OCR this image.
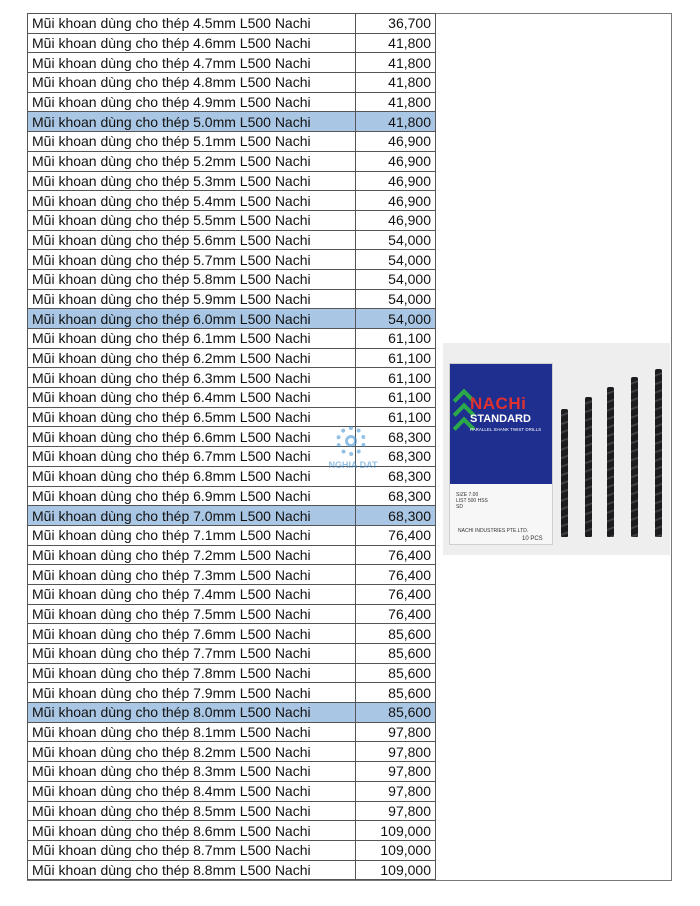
Mũi khoan dùng cho thép 4.5mm L500 Nachi	36,700
Mũi khoan dùng cho thép 4.6mm L500 Nachi	41,800
Mũi khoan dùng cho thép 4.7mm L500 Nachi	41,800
Mũi khoan dùng cho thép 4.8mm L500 Nachi	41,800
Mũi khoan dùng cho thép 4.9mm L500 Nachi	41,800
Mũi khoan dùng cho thép 5.0mm L500 Nachi	41,800
Mũi khoan dùng cho thép 5.1mm L500 Nachi	46,900
Mũi khoan dùng cho thép 5.2mm L500 Nachi	46,900
Mũi khoan dùng cho thép 5.3mm L500 Nachi	46,900
Mũi khoan dùng cho thép 5.4mm L500 Nachi	46,900
Mũi khoan dùng cho thép 5.5mm L500 Nachi	46,900
Mũi khoan dùng cho thép 5.6mm L500 Nachi	54,000
Mũi khoan dùng cho thép 5.7mm L500 Nachi	54,000
Mũi khoan dùng cho thép 5.8mm L500 Nachi	54,000
Mũi khoan dùng cho thép 5.9mm L500 Nachi	54,000
Mũi khoan dùng cho thép 6.0mm L500 Nachi	54,000
Mũi khoan dùng cho thép 6.1mm L500 Nachi	61,100
Mũi khoan dùng cho thép 6.2mm L500 Nachi	61,100
Mũi khoan dùng cho thép 6.3mm L500 Nachi	61,100
Mũi khoan dùng cho thép 6.4mm L500 Nachi	61,100
Mũi khoan dùng cho thép 6.5mm L500 Nachi	61,100
Mũi khoan dùng cho thép 6.6mm L500 Nachi	68,300
Mũi khoan dùng cho thép 6.7mm L500 Nachi	68,300
Mũi khoan dùng cho thép 6.8mm L500 Nachi	68,300
Mũi khoan dùng cho thép 6.9mm L500 Nachi	68,300
Mũi khoan dùng cho thép 7.0mm L500 Nachi	68,300
Mũi khoan dùng cho thép 7.1mm L500 Nachi	76,400
Mũi khoan dùng cho thép 7.2mm L500 Nachi	76,400
Mũi khoan dùng cho thép 7.3mm L500 Nachi	76,400
Mũi khoan dùng cho thép 7.4mm L500 Nachi	76,400
Mũi khoan dùng cho thép 7.5mm L500 Nachi	76,400
Mũi khoan dùng cho thép 7.6mm L500 Nachi	85,600
Mũi khoan dùng cho thép 7.7mm L500 Nachi	85,600
Mũi khoan dùng cho thép 7.8mm L500 Nachi	85,600
Mũi khoan dùng cho thép 7.9mm L500 Nachi	85,600
Mũi khoan dùng cho thép 8.0mm L500 Nachi	85,600
Mũi khoan dùng cho thép 8.1mm L500 Nachi	97,800
Mũi khoan dùng cho thép 8.2mm L500 Nachi	97,800
Mũi khoan dùng cho thép 8.3mm L500 Nachi	97,800
Mũi khoan dùng cho thép 8.4mm L500 Nachi	97,800
Mũi khoan dùng cho thép 8.5mm L500 Nachi	97,800
Mũi khoan dùng cho thép 8.6mm L500 Nachi	109,000
Mũi khoan dùng cho thép 8.7mm L500 Nachi	109,000
Mũi khoan dùng cho thép 8.8mm L500 Nachi	109,000
NACHi
STANDARD
PARALLEL SHANK TWIST DRILLS
SIZE 7.00
LIST 500 HSS
SD
NACHI INDUSTRIES PTE.LTD.
10 PCS
NGHIA DAT
